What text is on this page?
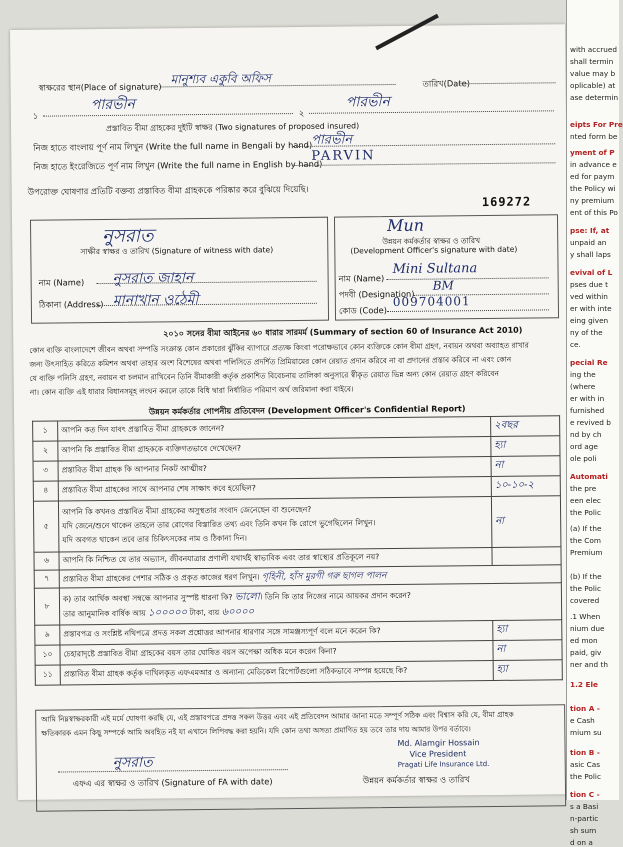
স্বাক্ষরের স্থান(Place of signature)
মানুশ্যব একুবি অফিস	তারিখ(Date)
পারভীন
১
পারভীন
২
প্রস্তাবিত বীমা গ্রাহকের দুইটি স্বাক্ষর (Two signatures of proposed insured)
নিজ হাতে বাংলায় পূর্ণ নাম লিখুন (Write the full name in Bengali by hand)
পারভীন
নিজ হাতে ইংরেজিতে পূর্ণ নাম লিখুন (Write the full name in English by hand)
PARVIN
উপরোক্ত ঘোষণার প্রতিটি বক্তব্য প্রস্তাবিত বীমা গ্রাহককে পরিষ্কার করে বুঝিয়ে দিয়েছি।
169272
নুসরাত
সাক্ষীর স্বাক্ষর ও তারিখ (Signature of witness with date)
নাম (Name) নুসরাত জাহান
ঠিকানা (Address) মানাখান ওঠেমী
Mun
উন্নয়ন কর্মকর্তার স্বাক্ষর ও তারিখ
(Development Officer's signature with date)
নাম (Name)
Mini Sultana
পদবী (Designation)
BM
কোড (Code)
009704001
২০১০ সনের বীমা আইনের ৬০ ধারার সারমর্ম (Summary of section 60 of Insurance Act 2010)
কোন ব্যক্তি বাংলাদেশে জীবন অথবা সম্পত্তি সংক্রান্ত কোন প্রকারের ঝুঁকির ব্যাপারে প্রত্যক্ষ কিংবা পরোক্ষভাবে কোন ব্যক্তিকে কোন বীমা গ্রহণ, নবায়ন অথবা অব্যাহত রাখার
জন্য উৎসাহিত করিতে কমিশন অথবা তাহার অংশ বিশেষের অথবা পলিসিতে প্রদর্শিত প্রিমিয়ামের কোন রেয়াত প্রদান করিবে না বা প্রদানের প্রস্তাব করিবে না এবং কোন
যে ব্যক্তি পলিসি গ্রহণ, নবায়ন বা চলমান রাখিবেন তিনি বীমাকারী কর্তৃক প্রকাশিত বিবেচনায় তালিকা অনুসারে স্বীকৃত রেয়াত ভিন্ন অন্য কোন রেয়াত গ্রহণ করিবেন
না। কোন ব্যক্তি এই ধারার বিধানসমূহ লংঘন করলে তাকে বিধি দ্বারা নির্ধারিত পরিমাণ অর্থ জরিমানা করা যাইবে।
উন্নয়ন কর্মকর্তার গোপনীয় প্রতিবেদন (Development Officer's Confidential Report)
১	আপনি কত দিন যাবৎ প্রস্তাবিত বীমা গ্রাহককে জানেন?	২বছর
২	আপনি কি প্রস্তাবিত বীমা গ্রাহককে ব্যক্তিগতভাবে দেখেছেন?	হ্যা
৩	প্রস্তাবিত বীমা গ্রাহক কি আপনার নিকট আত্মীয়?	না
৪	প্রস্তাবিত বীমা গ্রাহকের সাথে আপনার শেষ সাক্ষাৎ কবে হয়েছিল?	১০-১০-২
৫	আপনি কি কখনও প্রস্তাবিত বীমা গ্রাহকের অসুস্থতার সংবাদ জেনেছেন বা শুনেছেন?
যদি জেনে/শুনে থাকেন তাহলে তার রোগের বিস্তারিত তথ্য এবং তিনি কখন কি রোগে ভুগেছিলেন লিখুন।
যদি অবগত থাকেন তবে তার চিকিৎসকের নাম ও ঠিকানা দিন।	না
৬	আপনি কি নিশ্চিত যে তার অভ্যাস, জীবনযাত্রার প্রণালী যথার্থই স্বাভাবিক এবং তার স্বাস্থ্যের প্রতিকূলে নয়?	
৭	প্রস্তাবিত বীমা গ্রাহকের পেশার সঠিক ও প্রকৃত কাজের ধরণ লিখুন। গৃহিনী, হাঁস মুরগী গরু ছাগল পালন	
৮	ক) তার আর্থিক অবস্থা সম্বন্ধে আপনার সুস্পষ্ট ধারনা কি? ভালো। তিনি কি তার নিজের নামে আয়কর প্রদান করেন?
তার আনুমানিক বার্ষিক আয় ১০০০০০ টাকা, ব্যয় ৬০০০০	

৯	প্রস্তাবপত্র ও সংশ্লিষ্ট নথিপত্রে প্রদত্ত সকল প্রশ্নোত্তর আপনার ধারণার সঙ্গে সামঞ্জস্যপূর্ণ বলে মনে করেন কি?	হ্যা
১০	চেহারাদৃষ্টে প্রস্তাবিত বীমা গ্রাহকের বয়স তার ঘোষিত বয়স অপেক্ষা অধিক মনে করেন কিনা?	না
১১	প্রস্তাবিত বীমা গ্রাহক কর্তৃক দাখিলকৃত এফএমআর ও অন্যান্য মেডিকেল রিপোর্টগুলো সঠিকভাবে সম্পন্ন হয়েছে কি?	হ্যা
আমি নিম্নস্বাক্ষরকারী এই মর্মে ঘোষণা করছি যে, এই প্রস্তাবপত্রে প্রদত্ত সকল উত্তর এবং এই প্রতিবেদন আমার জানা মতে সম্পূর্ণ সঠিক এবং বিশ্বাস করি যে, বীমা গ্রাহক
ক্ষতিকারক এমন কিছু সম্পর্কে আমি অবহিত নই যা এখানে লিপিবদ্ধ করা হয়নি। যদি কোন তথ্য অসত্য প্রমাণিত হয় তবে তার দায় আমার উপর বর্তাবে।
নুসরাত
এফএ এর স্বাক্ষর ও তারিখ (Signature of FA with date)
Md. Alamgir Hossain
Vice President
Pragati Life Insurance Ltd.
উন্নয়ন কর্মকর্তার স্বাক্ষর ও তারিখ
with accrued
shall termin
value may b
oplicable) at
ase determin
eipts For Pre
nted form be
yment of P
in advance e
ed for paym
the Policy wi
ny premium
ent of this Po
pse: If, at
unpaid an
y shall laps
evival of L
pses due t
ved within
er with inte
eing given
ny of the
ce.
pecial Re
ing the
(where
er with in
furnished
e revived b
nd by ch
ord age
ole poli
Automati
the pre
een elec
the Polic
(a) If the
the Com
Premium
(b) If the
the Polic
covered
.1 When
nium due
ed mon
paid, giv
ner and th
1.2 Ele
tion A -
e Cash
mium su
tion B -
asic Cas
the Polic
tion C -
s a Basi
n-partic
sh sum
d on a
